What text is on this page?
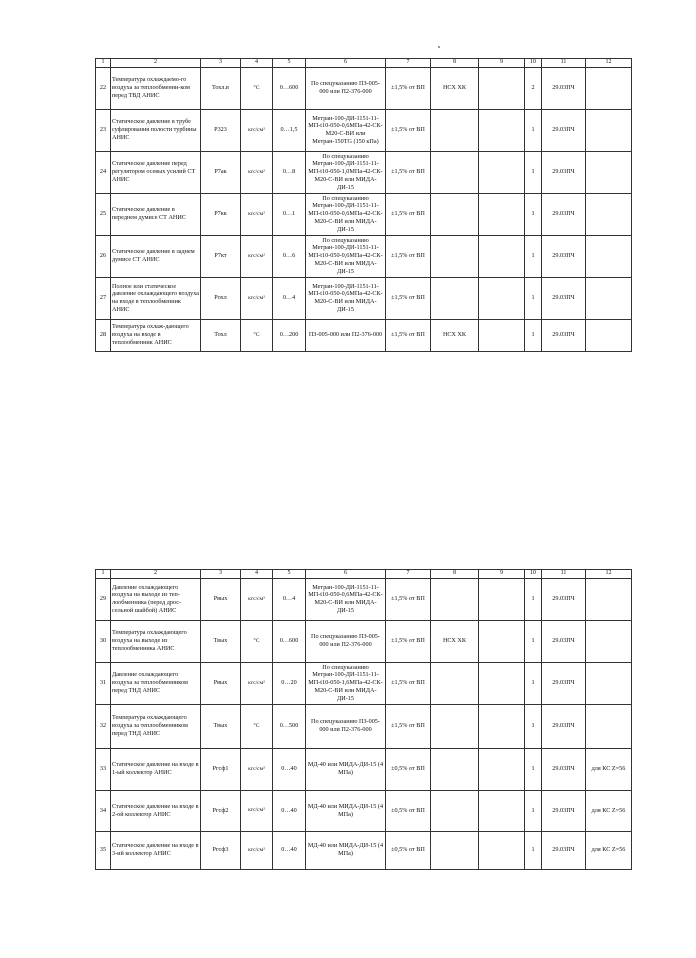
1	2	3	4	5	6	7	8	9	10	11	12
22	Температура охлаждаемо-го воздуха за теплообменни-ком перед ТВД АНИС	Тохл.в	°С	0…600	По спецуказанию ПЗ-005-000 или П2-376-000	±1,5% от ВП	НСХ ХК		2	29.03ПЧ	
23	Статическое давление в трубе суфлирования полости турбины АНИС	Р323	кгс/см²	0…1,5	Метран-100-ДИ-1151-11-МП-t10-050-0,6МПа-42-СК-М20-С-ВИ или Метран-150TG (150 кПа)	±1,5% от ВП			1	29.03ПЧ	
24	Статическое давление перед регулятором осевых усилий СТ АНИС	Р7ак	кгс/см²	0…8	По спецуказанию Метран-100-ДИ-1151-11-МП-t10-050-1,0МПа-42-СК-М20-С-ВИ или МИДА-ДИ-15	±1,5% от ВП			1	29.03ПЧ	
25	Статическое давление в переднем думисе СТ АНИС	Р7кк	кгс/см²	0…1	По спецуказанию Метран-100-ДИ-1151-11-МП-t10-050-0,6МПа-42-СК-М20-С-ВИ или МИДА-ДИ-15	±1,5% от ВП			1	29.03ПЧ	
26	Статическое давление в заднем думисе СТ АНИС	Р7кт	кгс/см²	0…6	По спецуказанию Метран-100-ДИ-1151-11-МП-t10-050-0,6МПа-42-СК-М20-С-ВИ или МИДА-ДИ-15	±1,5% от ВП			1	29.03ПЧ	
27	Полное или статическое давление охлаждающего воздуха на входе в теплообменник АНИС	Рохл	кгс/см²	0…4	Метран-100-ДИ-1151-11-МП-t10-050-0,6МПа-42-СК-М20-С-ВИ или МИДА-ДИ-15	±1,5% от ВП			1	29.03ПЧ	
28	Температура охлаж-дающего воздуха на входе в теплообменник АНИС	Тохл	°С	0…200	ПЗ-005-000 или П2-376-000	±1,5% от ВП	НСХ ХК		1	29.03ПЧ	
1	2	3	4	5	6	7	8	9	10	11	12
29	Давление охлаждающего воздуха на выходе из теп-лообменника (перед дрос-сельной шайбой) АНИС	Рвых	кгс/см²	0…4	Метран-100-ДИ-1151-11-МП-t10-050-0,6МПа-42-СК-М20-С-ВИ или МИДА-ДИ-15	±1,5% от ВП			1	29.03ПЧ	
30	Температура охлаждающего воздуха на выходе из теплообменника АНИС	Твых	°С	0…600	По спецуказанию ПЗ-005-000 или П2-376-000	±1,5% от ВП	НСХ ХК		1	29.03ПЧ	
31	Давление охлаждающего воздуха за теплообменником перед ТНД АНИС	Рвых	кгс/см²	0…20	По спецуказанию Метран-100-ДИ-1151-11-МП-t10-050-1,6МПа-42-СК-М20-С-ВИ или МИДА-ДИ-15	±1,5% от ВП			1	29.03ПЧ	
32	Температура охлаждающего воздуха за теплообменником перед ТНД АНИС	Твых	°С	0…500	По спецуказанию ПЗ-005-000 или П2-376-000	±1,5% от ВП			1	29.03ПЧ	
33	Статическое давление на входе в 1-ый коллектор АНИС	Ргсф1	кгс/см²	0…40	МД-40 или МИДА-ДИ-15 (4 МПа)	±0,5% от ВП			1	29.03ПЧ	для КС Z=56
34	Статическое давление на входе в 2-ой коллектор АНИС	Ргсф2	кгс/см²	0…40	МД-40 или МИДА-ДИ-15 (4 МПа)	±0,5% от ВП			1	29.03ПЧ	для КС Z=56
35	Статическое давление на входе в 3-ий коллектор АНИС	Ргсф3	кгс/см²	0…40	МД-40 или МИДА-ДИ-15 (4 МПа)	±0,5% от ВП			1	29.03ПЧ	для КС Z=56
